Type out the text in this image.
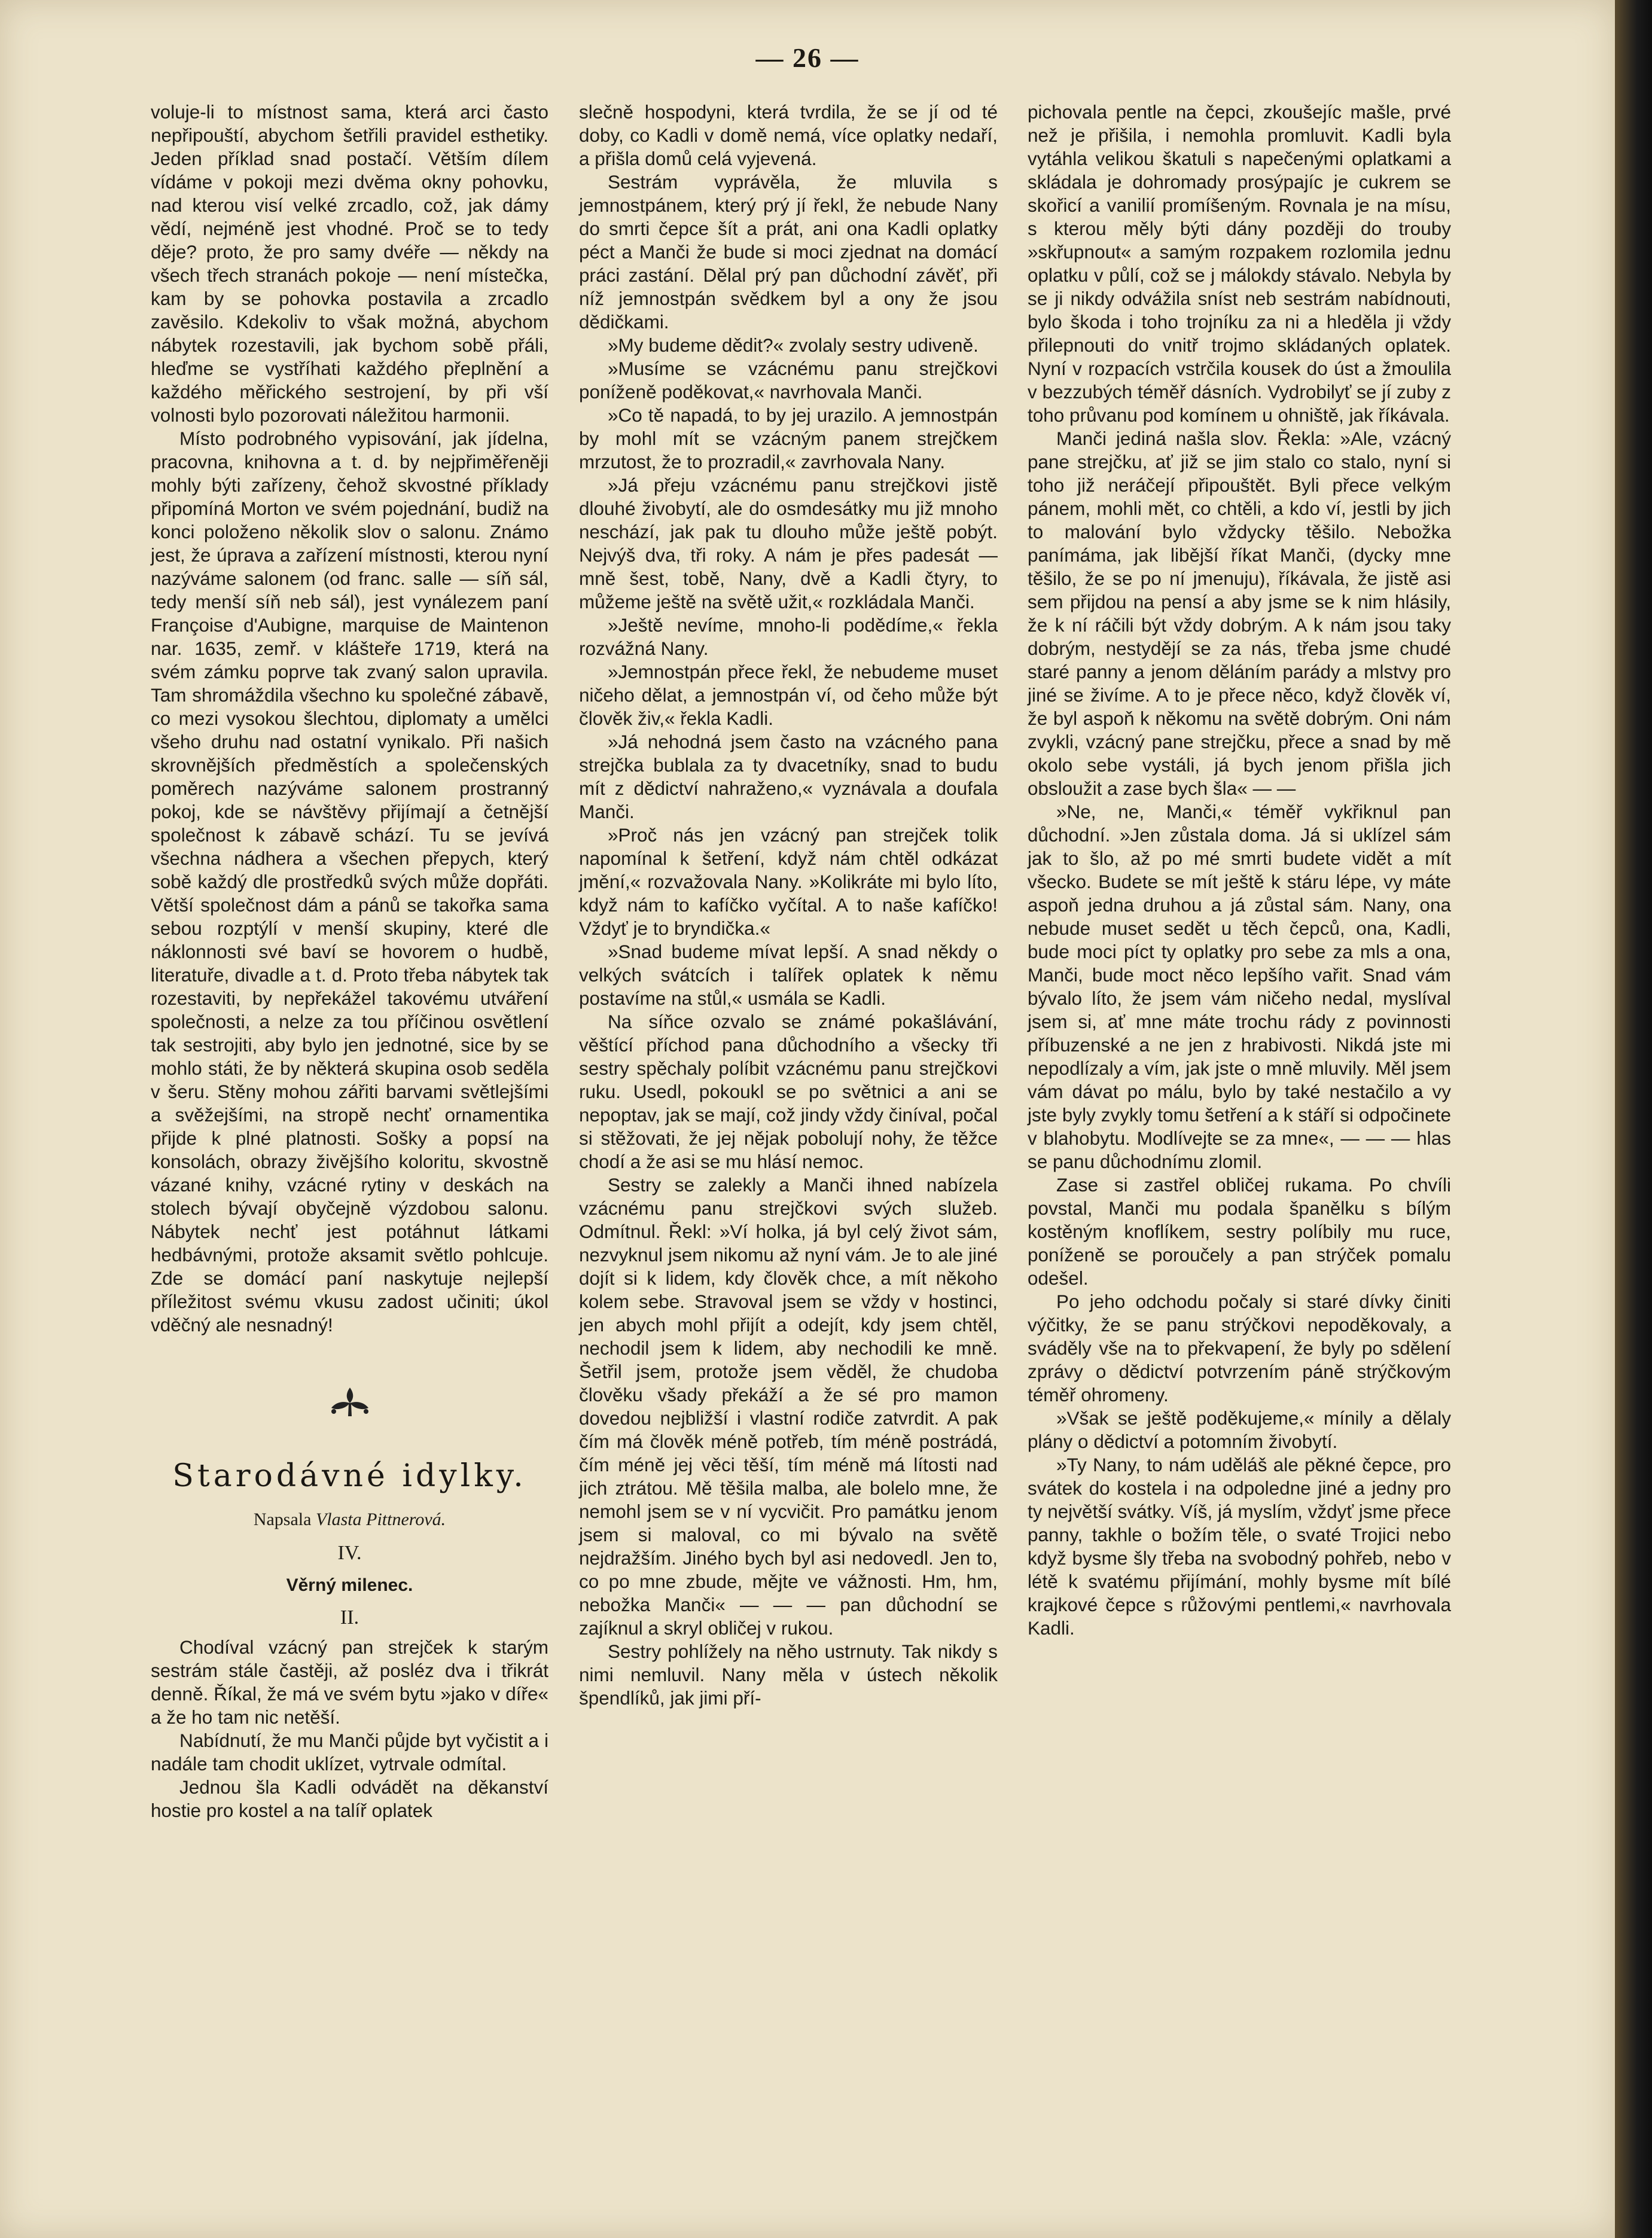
— 26 —

voluje-li to místnost sama, která arci často nepřipouští, abychom šetřili pravidel esthetiky. Jeden příklad snad postačí. Větším dílem vídáme v pokoji mezi dvěma okny pohovku, nad kterou visí velké zrcadlo, což, jak dámy vědí, nejméně jest vhodné. Proč se to tedy děje? proto, že pro samy dvéře — někdy na všech třech stranách pokoje — není místečka, kam by se pohovka postavila a zrcadlo zavěsilo. Kdekoliv to však možná, abychom nábytek rozestavili, jak bychom sobě přáli, hleďme se vystříhati každého přeplnění a každého měřického sestrojení, by při vší volnosti bylo pozorovati náležitou harmonii.

Místo podrobného vypisování, jak jídelna, pracovna, knihovna a t. d. by nejpřiměřeněji mohly býti zařízeny, čehož skvostné příklady připomíná Morton ve svém pojednání, budiž na konci položeno několik slov o salonu. Známo jest, že úprava a zařízení místnosti, kterou nyní nazýváme salonem (od franc. salle — síň sál, tedy menší síň neb sál), jest vynálezem paní Françoise d'Aubigne, marquise de Maintenon nar. 1635, zemř. v klášteře 1719, která na svém zámku poprve tak zvaný salon upravila. Tam shromáždila všechno ku společné zábavě, co mezi vysokou šlechtou, diplomaty a umělci všeho druhu nad ostatní vynikalo. Při našich skrovnějších předměstích a společenských poměrech nazýváme salonem prostranný pokoj, kde se návštěvy přijímají a četnější společnost k zábavě schází. Tu se jevívá všechna nádhera a všechen přepych, který sobě každý dle prostředků svých může dopřáti. Větší společnost dám a pánů se takořka sama sebou rozptýlí v menší skupiny, které dle náklonnosti své baví se hovorem o hudbě, literatuře, divadle a t. d. Proto třeba nábytek tak rozestaviti, by nepřekážel takovému utváření společnosti, a nelze za tou příčinou osvětlení tak sestrojiti, aby bylo jen jednotné, sice by se mohlo státi, že by některá skupina osob seděla v šeru. Stěny mohou zářiti barvami světlejšími a svěžejšími, na stropě nechť ornamentika přijde k plné platnosti. Sošky a popsí na konsolách, obrazy živějšího koloritu, skvostně vázané knihy, vzácné rytiny v deskách na stolech bývají obyčejně výzdobou salonu. Nábytek nechť jest potáhnut látkami hedbávnými, protože aksamit světlo pohlcuje. Zde se domácí paní naskytuje nejlepší příležitost svému vkusu zadost učiniti; úkol vděčný ale nesnadný!

Starodávné idylky.
Napsala Vlasta Pittnerová.
IV.
Věrný milenec.
II.

Chodíval vzácný pan strejček k starým sestrám stále častěji, až posléz dva i třikrát denně. Říkal, že má ve svém bytu »jako v díře« a že ho tam nic netěší.

Nabídnutí, že mu Manči půjde byt vyčistit a i nadále tam chodit uklízet, vytrvale odmítal.

Jednou šla Kadli odvádět na děkanství hostie pro kostel a na talíř oplatek

slečně hospodyni, která tvrdila, že se jí od té doby, co Kadli v domě nemá, více oplatky nedaří, a přišla domů celá vyjevená.

Sestrám vyprávěla, že mluvila s jemnostpánem, který prý jí řekl, že nebude Nany do smrti čepce šít a prát, ani ona Kadli oplatky péct a Manči že bude si moci zjednat na domácí práci zastání. Dělal prý pan důchodní závěť, při níž jemnostpán svědkem byl a ony že jsou dědičkami.

»My budeme dědit?« zvolaly sestry udiveně.

»Musíme se vzácnému panu strejčkovi poníženě poděkovat,« navrhovala Manči.

»Co tě napadá, to by jej urazilo. A jemnostpán by mohl mít se vzácným panem strejčkem mrzutost, že to prozradil,« zavrhovala Nany.

»Já přeju vzácnému panu strejčkovi jistě dlouhé živobytí, ale do osmdesátky mu již mnoho neschází, jak pak tu dlouho může ještě pobýt. Nejvýš dva, tři roky. A nám je přes padesát — mně šest, tobě, Nany, dvě a Kadli čtyry, to můžeme ještě na světě užit,« rozkládala Manči.

»Ještě nevíme, mnoho-li podědíme,« řekla rozvážná Nany.

»Jemnostpán přece řekl, že nebudeme muset ničeho dělat, a jemnostpán ví, od čeho může být člověk živ,« řekla Kadli.

»Já nehodná jsem často na vzácného pana strejčka bublala za ty dvacetníky, snad to budu mít z dědictví nahraženo,« vyznávala a doufala Manči.

»Proč nás jen vzácný pan strejček tolik napomínal k šetření, když nám chtěl odkázat jmění,« rozvažovala Nany. »Kolikráte mi bylo líto, když nám to kafíčko vyčítal. A to naše kafíčko! Vždyť je to bryndička.«

»Snad budeme mívat lepší. A snad někdy o velkých svátcích i talířek oplatek k němu postavíme na stůl,« usmála se Kadli.

Na síňce ozvalo se známé pokašlávání, věštící příchod pana důchodního a všecky tři sestry spěchaly políbit vzácnému panu strejčkovi ruku. Usedl, pokoukl se po světnici a ani se nepoptav, jak se mají, což jindy vždy činíval, počal si stěžovati, že jej nějak pobolují nohy, že těžce chodí a že asi se mu hlásí nemoc.

Sestry se zalekly a Manči ihned nabízela vzácnému panu strejčkovi svých služeb. Odmítnul. Řekl: »Ví holka, já byl celý život sám, nezvyknul jsem nikomu až nyní vám. Je to ale jiné dojít si k lidem, kdy člověk chce, a mít někoho kolem sebe. Stravoval jsem se vždy v hostinci, jen abych mohl přijít a odejít, kdy jsem chtěl, nechodil jsem k lidem, aby nechodili ke mně. Šetřil jsem, protože jsem věděl, že chudoba člověku všady překáží a že sé pro mamon dovedou nejbližší i vlastní rodiče zatvrdit. A pak čím má člověk méně potřeb, tím méně postrádá, čím méně jej věci těší, tím méně má lítosti nad jich ztrátou. Mě těšila malba, ale bolelo mne, že nemohl jsem se v ní vycvičit. Pro památku jenom jsem si maloval, co mi bývalo na světě nejdražším. Jiného bych byl asi nedovedl. Jen to, co po mne zbude, mějte ve vážnosti. Hm, hm, nebožka Manči« — — — pan důchodní se zajíknul a skryl obličej v rukou.

Sestry pohlížely na něho ustrnuty. Tak nikdy s nimi nemluvil. Nany měla v ústech několik špendlíků, jak jimi pří-

pichovala pentle na čepci, zkoušejíc mašle, prvé než je přišila, i nemohla promluvit. Kadli byla vytáhla velikou škatuli s napečenými oplatkami a skládala je dohromady prosýpajíc je cukrem se skořicí a vanilií promíšeným. Rovnala je na mísu, s kterou měly býti dány později do trouby »skřupnout« a samým rozpakem rozlomila jednu oplatku v půlí, což se j málokdy stávalo. Nebyla by se ji nikdy odvážila sníst neb sestrám nabídnouti, bylo škoda i toho trojníku za ni a hleděla ji vždy přilepnouti do vnitř trojmo skládaných oplatek. Nyní v rozpacích vstrčila kousek do úst a žmoulila v bezzubých téměř dásních. Vydrobilyť se jí zuby z toho průvanu pod komínem u ohniště, jak říkávala.

Manči jediná našla slov. Řekla: »Ale, vzácný pane strejčku, ať již se jim stalo co stalo, nyní si toho již neráčejí připouštět. Byli přece velkým pánem, mohli mět, co chtěli, a kdo ví, jestli by jich to malování bylo vždycky těšilo. Nebožka panímáma, jak libější říkat Manči, (dycky mne těšilo, že se po ní jmenuju), říkávala, že jistě asi sem přijdou na pensí a aby jsme se k nim hlásily, že k ní ráčili být vždy dobrým. A k nám jsou taky dobrým, nestydějí se za nás, třeba jsme chudé staré panny a jenom děláním parády a mlstvy pro jiné se živíme. A to je přece něco, když člověk ví, že byl aspoň k někomu na světě dobrým. Oni nám zvykli, vzácný pane strejčku, přece a snad by mě okolo sebe vystáli, já bych jenom přišla jich obsloužit a zase bych šla« — —

»Ne, ne, Manči,« téměř vykřiknul pan důchodní. »Jen zůstala doma. Já si uklízel sám jak to šlo, až po mé smrti budete vidět a mít všecko. Budete se mít ještě k stáru lépe, vy máte aspoň jedna druhou a já zůstal sám. Nany, ona nebude muset sedět u těch čepců, ona, Kadli, bude moci píct ty oplatky pro sebe za mls a ona, Manči, bude moct něco lepšího vařit. Snad vám bývalo líto, že jsem vám ničeho nedal, myslíval jsem si, ať mne máte trochu rády z povinnosti příbuzenské a ne jen z hrabivosti. Nikdá jste mi nepodlízaly a vím, jak jste o mně mluvily. Měl jsem vám dávat po málu, bylo by také nestačilo a vy jste byly zvykly tomu šetření a k stáří si odpočinete v blahobytu. Modlívejte se za mne«, — — — hlas se panu důchodnímu zlomil.

Zase si zastřel obličej rukama. Po chvíli povstal, Manči mu podala španělku s bílým kostěným knoflíkem, sestry políbily mu ruce, poníženě se poroučely a pan strýček pomalu odešel.

Po jeho odchodu počaly si staré dívky činiti výčitky, že se panu strýčkovi nepoděkovaly, a sváděly vše na to překvapení, že byly po sdělení zprávy o dědictví potvrzením páně strýčkovým téměř ohromeny.

»Však se ještě poděkujeme,« mínily a dělaly plány o dědictví a potomním živobytí.

»Ty Nany, to nám uděláš ale pěkné čepce, pro svátek do kostela i na odpoledne jiné a jedny pro ty největší svátky. Víš, já myslím, vždyť jsme přece panny, takhle o božím těle, o svaté Trojici nebo když bysme šly třeba na svobodný pohřeb, nebo v létě k svatému přijímání, mohly bysme mít bílé krajkové čepce s růžovými pentlemi,« navrhovala Kadli.
